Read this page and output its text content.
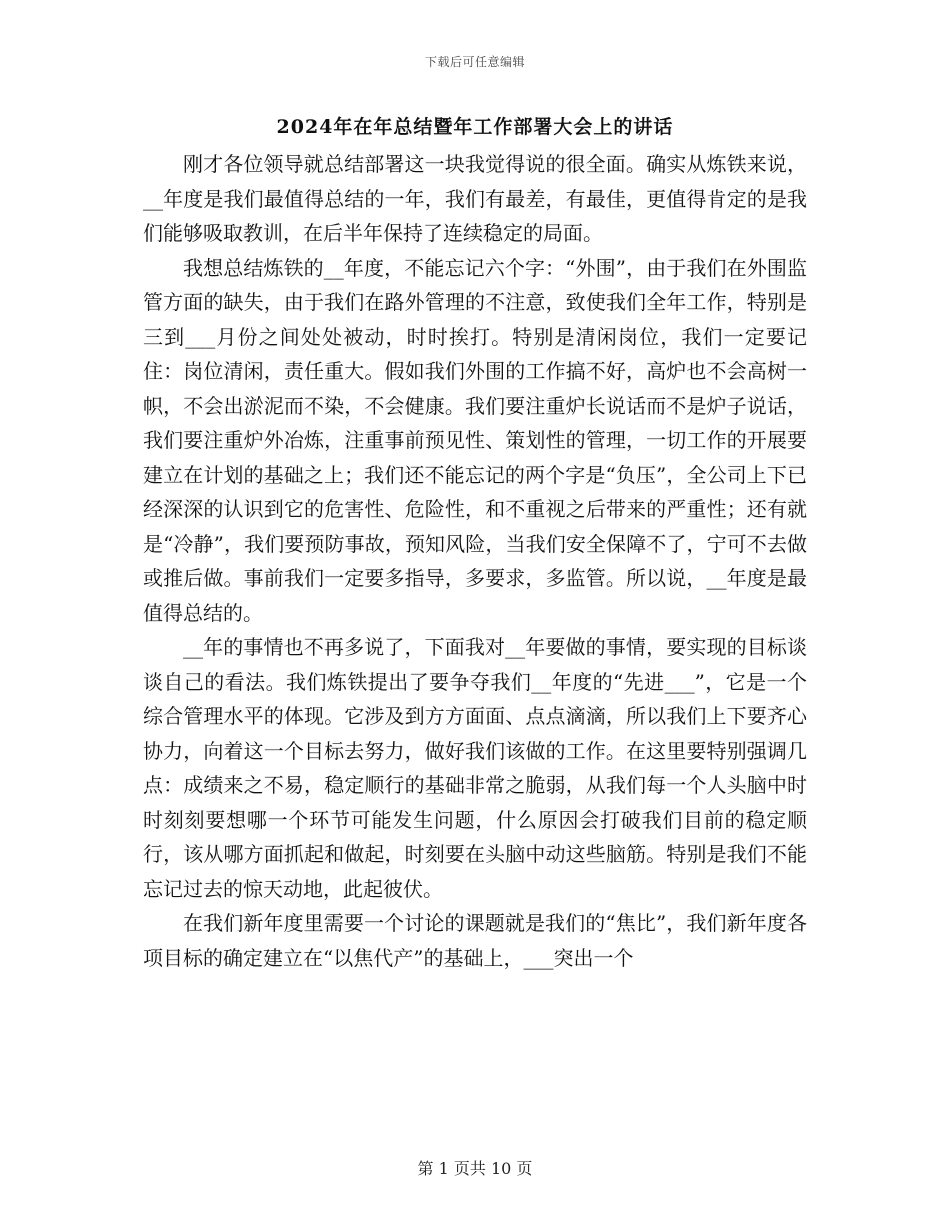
下载后可任意编辑
2024年在年总结暨年工作部署大会上的讲话

刚才各位领导就总结部署这一块我觉得说的很全面。确实从炼铁来说，__年度是我们最值得总结的一年，我们有最差，有最佳，更值得肯定的是我们能够吸取教训，在后半年保持了连续稳定的局面。

我想总结炼铁的__年度，不能忘记六个字：“外围”，由于我们在外围监管方面的缺失，由于我们在路外管理的不注意，致使我们全年工作，特别是三到___月份之间处处被动，时时挨打。特别是清闲岗位，我们一定要记住：岗位清闲，责任重大。假如我们外围的工作搞不好，高炉也不会高树一帜，不会出淤泥而不染，不会健康。我们要注重炉长说话而不是炉子说话，我们要注重炉外冶炼，注重事前预见性、策划性的管理，一切工作的开展要建立在计划的基础之上；我们还不能忘记的两个字是“负压”，全公司上下已经深深的认识到它的危害性、危险性，和不重视之后带来的严重性；还有就是“冷静”，我们要预防事故，预知风险，当我们安全保障不了，宁可不去做或推后做。事前我们一定要多指导，多要求，多监管。所以说，__年度是最值得总结的。

__年的事情也不再多说了，下面我对__年要做的事情，要实现的目标谈谈自己的看法。我们炼铁提出了要争夺我们__年度的“先进___”，它是一个综合管理水平的体现。它涉及到方方面面、点点滴滴，所以我们上下要齐心协力，向着这一个目标去努力，做好我们该做的工作。在这里要特别强调几点：成绩来之不易，稳定顺行的基础非常之脆弱，从我们每一个人头脑中时时刻刻要想哪一个环节可能发生问题，什么原因会打破我们目前的稳定顺行，该从哪方面抓起和做起，时刻要在头脑中动这些脑筋。特别是我们不能忘记过去的惊天动地，此起彼伏。

在我们新年度里需要一个讨论的课题就是我们的“焦比”，我们新年度各项目标的确定建立在“以焦代产”的基础上，___突出一个

第 1 页共 10 页
